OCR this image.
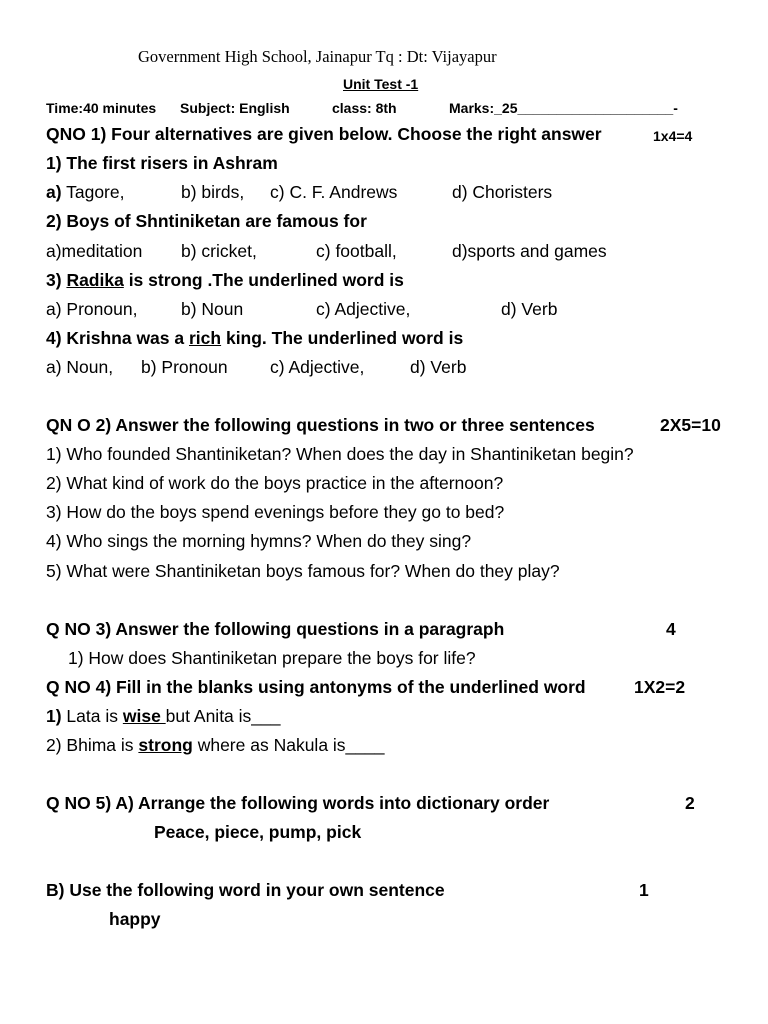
Government High School, Jainapur Tq : Dt: Vijayapur
Unit Test -1
Time:40 minutes Subject: English	class: 8th	Marks:_25____________________-
QNO 1) Four alternatives are given below. Choose the right answer	1x4=4
1) The first risers in Ashram
a) Tagore,	b) birds, c) C. F. Andrews	d) Choristers
2) Boys of Shntiniketan are famous for
a)meditation b) cricket,	c) football,	d)sports and games
3) Radika is strong .The underlined word is
a) Pronoun, b) Noun	c) Adjective,	d) Verb
4) Krishna was a rich king. The underlined word is
a) Noun, b) Pronoun c) Adjective,	d) Verb
QN O 2) Answer the following questions in two or three sentences	2X5=10
1) Who founded Shantiniketan? When does the day in Shantiniketan begin?
2) What kind of work do the boys practice in the afternoon?
3) How do the boys spend evenings before they go to bed?
4) Who sings the morning hymns? When do they sing?
5) What were Shantiniketan boys famous for? When do they play?
Q NO 3) Answer the following questions in a paragraph	4
1) How does Shantiniketan prepare the boys for life?
Q NO 4) Fill in the blanks using antonyms of the underlined word	1X2=2
1) Lata is wise but Anita is___
2) Bhima is strong where as Nakula is____
Q NO 5) A) Arrange the following words into dictionary order	2
Peace, piece, pump, pick
B) Use the following word in your own sentence	1
happy
